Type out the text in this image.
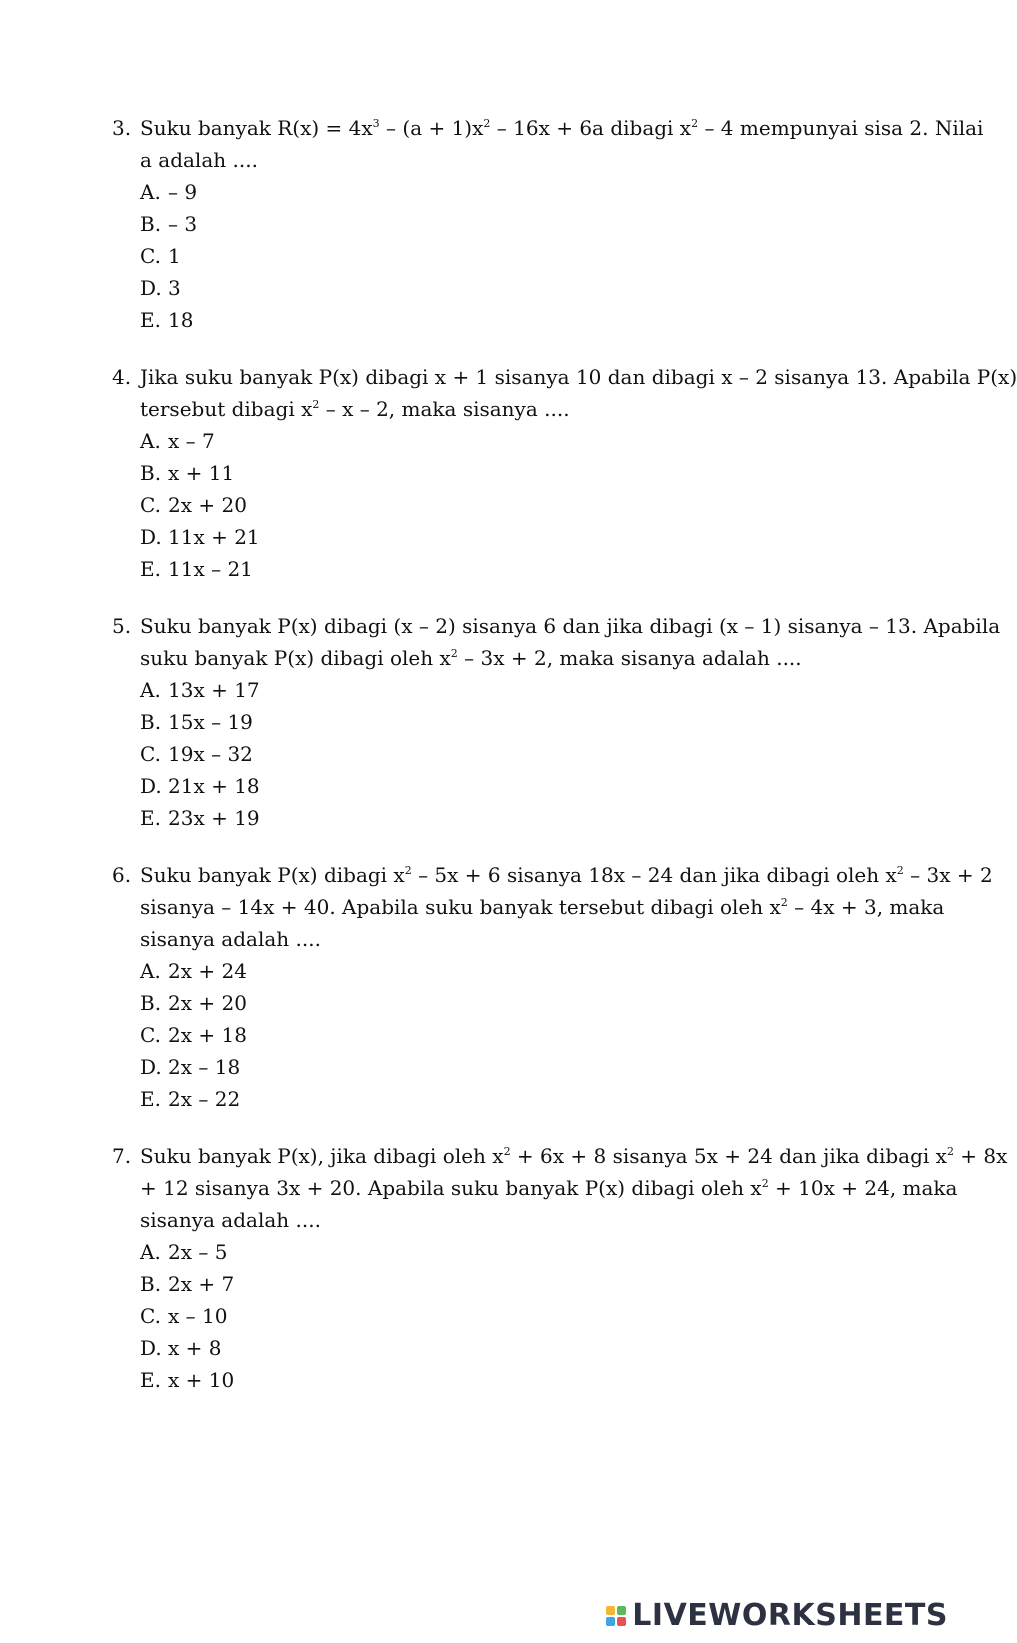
3. Suku banyak $R(x) = 4x^3 - (a + 1)x^2 - 16x + 6a$ dibagi $x^2 - 4$ mempunyai sisa 2. Nilai
a adalah ....
A. – 9
B. – 3
C. 1
D. 3
E. 18
4. Jika suku banyak P(x) dibagi x + 1 sisanya 10 dan dibagi x – 2 sisanya 13. Apabila P(x)
tersebut dibagi $x^2$ – x – 2, maka sisanya ....
A. x – 7
B. x + 11
C. 2x + 20
D. 11x + 21
E. 11x – 21
5. Suku banyak P(x) dibagi (x – 2) sisanya 6 dan jika dibagi (x – 1) sisanya – 13. Apabila
suku banyak P(x) dibagi oleh $x^2 - 3x + 2$, maka sisanya adalah ....
A. 13x + 17
B. 15x – 19
C. 19x – 32
D. 21x + 18
E. 23x + 19
6. Suku banyak P(x) dibagi $x^2 - 5x + 6$ sisanya 18x – 24 dan jika dibagi oleh $x^2 - 3x + 2$
sisanya – 14x + 40. Apabila suku banyak tersebut dibagi oleh $x^2 - 4x + 3$, maka
sisanya adalah ....
A. 2x + 24
B. 2x + 20
C. 2x + 18
D. 2x – 18
E. 2x – 22
7. Suku banyak P(x), jika dibagi oleh $x^2 + 6x + 8$ sisanya 5x + 24 dan jika dibagi $x^2 + 8x$
+ 12 sisanya 3x + 20. Apabila suku banyak P(x) dibagi oleh $x^2 + 10x + 24$, maka
sisanya adalah ....
A. 2x – 5
B. 2x + 7
C. x – 10
D. x + 8
E. x + 10
LIVEWORKSHEETS
